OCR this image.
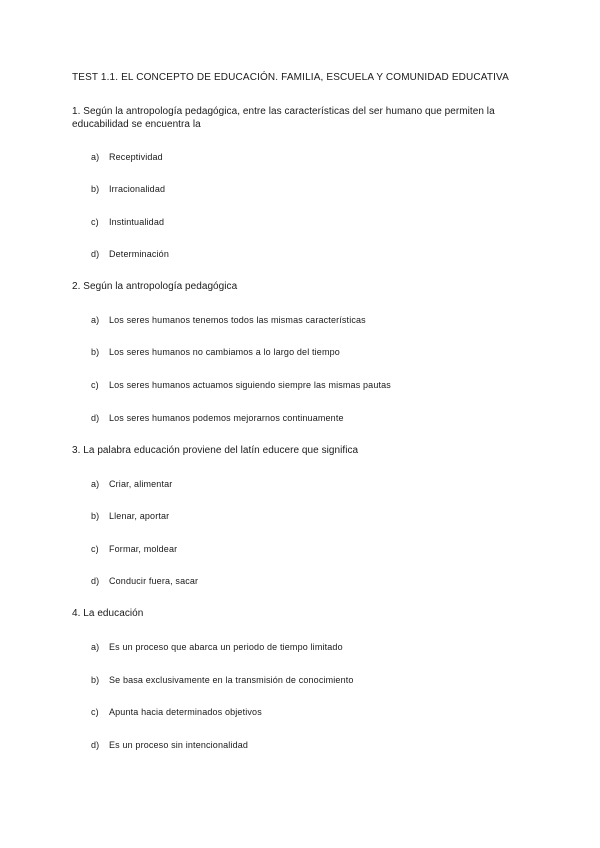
TEST 1.1. EL CONCEPTO DE EDUCACIÓN. FAMILIA, ESCUELA Y COMUNIDAD EDUCATIVA
1. Según la antropología pedagógica, entre las características del ser humano que permiten la educabilidad se encuentra la
a) Receptividad
b) Irracionalidad
c) Instintualidad
d) Determinación
2. Según la antropología pedagógica
a) Los seres humanos tenemos todos las mismas características
b) Los seres humanos no cambiamos a lo largo del tiempo
c) Los seres humanos actuamos siguiendo siempre las mismas pautas
d) Los seres humanos podemos mejorarnos continuamente
3. La palabra educación proviene del latín educere que significa
a) Criar, alimentar
b) Llenar, aportar
c) Formar, moldear
d) Conducir fuera, sacar
4. La educación
a) Es un proceso que abarca un periodo de tiempo limitado
b) Se basa exclusivamente en la transmisión de conocimiento
c) Apunta hacia determinados objetivos
d) Es un proceso sin intencionalidad
